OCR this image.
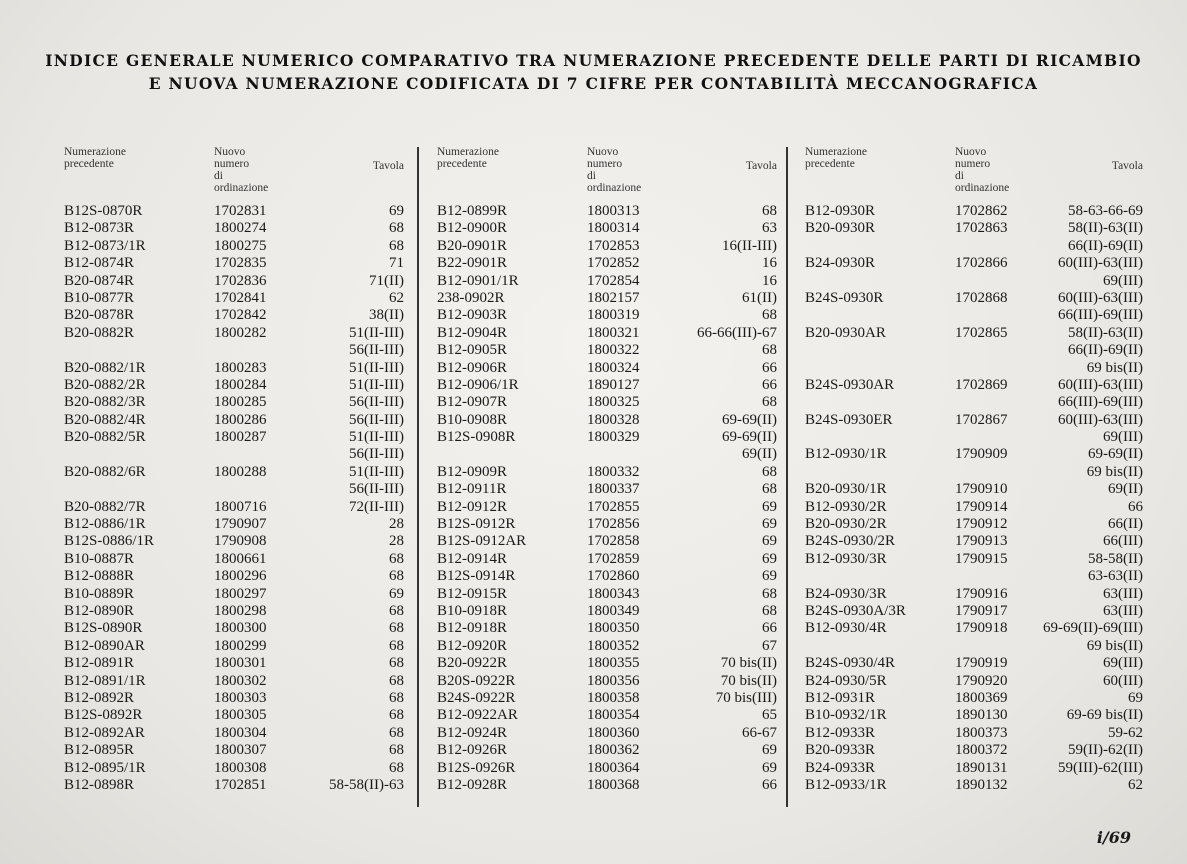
INDICE GENERALE NUMERICO COMPARATIVO TRA NUMERAZIONE PRECEDENTE DELLE PARTI DI RICAMBIO
E NUOVA NUMERAZIONE CODIFICATA DI 7 CIFRE PER CONTABILITÀ MECCANOGRAFICA
Numerazione
precedente
Nuovo numero
di ordinazione
Tavola
B12S-0870R	1702831	69
B12-0873R	1800274	68
B12-0873/1R	1800275	68
B12-0874R	1702835	71
B20-0874R	1702836	71(II)
B10-0877R	1702841	62
B20-0878R	1702842	38(II)
B20-0882R	1800282	51(II-III)
56(II-III)
B20-0882/1R	1800283	51(II-III)
B20-0882/2R	1800284	51(II-III)
B20-0882/3R	1800285	56(II-III)
B20-0882/4R	1800286	56(II-III)
B20-0882/5R	1800287	51(II-III)
56(II-III)
B20-0882/6R	1800288	51(II-III)
56(II-III)
B20-0882/7R	1800716	72(II-III)
B12-0886/1R	1790907	28
B12S-0886/1R	1790908	28
B10-0887R	1800661	68
B12-0888R	1800296	68
B10-0889R	1800297	69
B12-0890R	1800298	68
B12S-0890R	1800300	68
B12-0890AR	1800299	68
B12-0891R	1800301	68
B12-0891/1R	1800302	68
B12-0892R	1800303	68
B12S-0892R	1800305	68
B12-0892AR	1800304	68
B12-0895R	1800307	68
B12-0895/1R	1800308	68
B12-0898R	1702851	58-58(II)-63
Numerazione
precedente
Nuovo numero
di ordinazione
Tavola
B12-0899R	1800313	68
B12-0900R	1800314	63
B20-0901R	1702853	16(II-III)
B22-0901R	1702852	16
B12-0901/1R	1702854	16
238-0902R	1802157	61(II)
B12-0903R	1800319	68
B12-0904R	1800321	66-66(III)-67
B12-0905R	1800322	68
B12-0906R	1800324	66
B12-0906/1R	1890127	66
B12-0907R	1800325	68
B10-0908R	1800328	69-69(II)
B12S-0908R	1800329	69-69(II)
69(II)
B12-0909R	1800332	68
B12-0911R	1800337	68
B12-0912R	1702855	69
B12S-0912R	1702856	69
B12S-0912AR	1702858	69
B12-0914R	1702859	69
B12S-0914R	1702860	69
B12-0915R	1800343	68
B10-0918R	1800349	68
B12-0918R	1800350	66
B12-0920R	1800352	67
B20-0922R	1800355	70 bis(II)
B20S-0922R	1800356	70 bis(II)
B24S-0922R	1800358	70 bis(III)
B12-0922AR	1800354	65
B12-0924R	1800360	66-67
B12-0926R	1800362	69
B12S-0926R	1800364	69
B12-0928R	1800368	66
Numerazione
precedente
Nuovo numero
di ordinazione
Tavola
B12-0930R	1702862	58-63-66-69
B20-0930R	1702863	58(II)-63(II)
66(II)-69(II)
B24-0930R	1702866	60(III)-63(III)
69(III)
B24S-0930R	1702868	60(III)-63(III)
66(III)-69(III)
B20-0930AR	1702865	58(II)-63(II)
66(II)-69(II)
69 bis(II)
B24S-0930AR	1702869	60(III)-63(III)
66(III)-69(III)
B24S-0930ER	1702867	60(III)-63(III)
69(III)
B12-0930/1R	1790909	69-69(II)
69 bis(II)
B20-0930/1R	1790910	69(II)
B12-0930/2R	1790914	66
B20-0930/2R	1790912	66(II)
B24S-0930/2R	1790913	66(III)
B12-0930/3R	1790915	58-58(II)
63-63(II)
B24-0930/3R	1790916	63(III)
B24S-0930A/3R	1790917	63(III)
B12-0930/4R	1790918 69-69(II)-69(III)
69 bis(II)
B24S-0930/4R	1790919	69(III)
B24-0930/5R	1790920	60(III)
B12-0931R	1800369	69
B10-0932/1R	1890130	69-69 bis(II)
B12-0933R	1800373	59-62
B20-0933R	1800372	59(II)-62(II)
B24-0933R	1890131	59(III)-62(III)
B12-0933/1R	1890132	62
i/69
